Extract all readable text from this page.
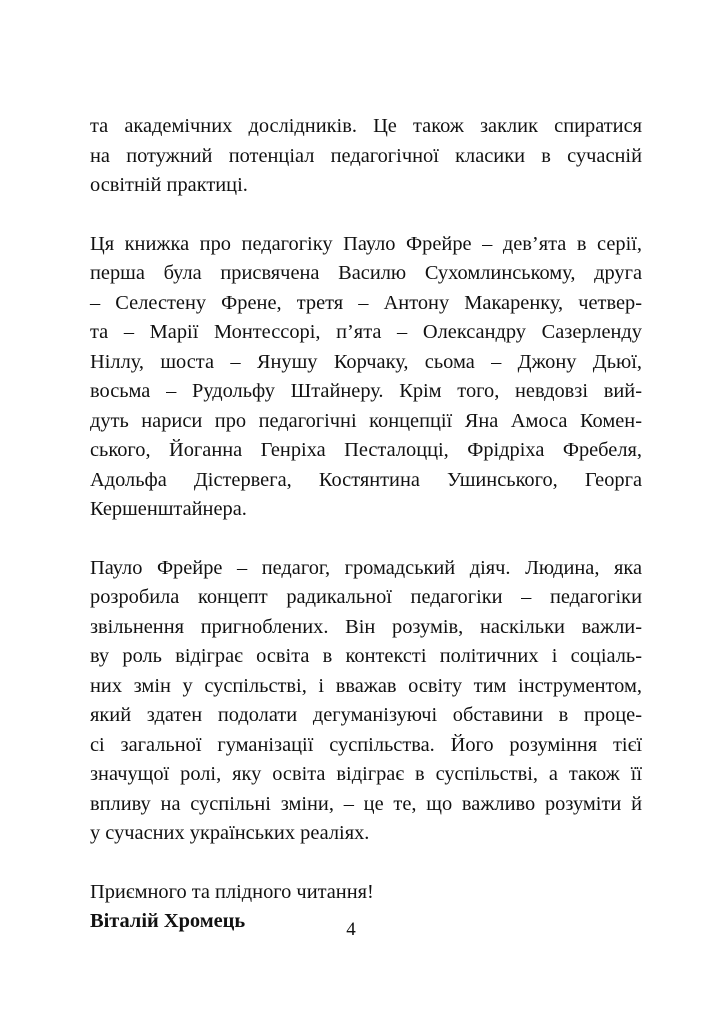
та академічних дослідників. Це також заклик спиратися
на потужний потенціал педагогічної класики в сучасній
освітній практиці.
Ця книжка про педагогіку Пауло Фрейре – дев’ята в серії,
перша була присвячена Василю Сухомлинському, друга
– Селестену Френе, третя – Антону Макаренку, четвер-
та – Марії Монтессорі, п’ята – Олександру Сазерленду
Ніллу, шоста – Янушу Корчаку, сьома – Джону Дьюї,
восьма – Рудольфу Штайнеру. Крім того, невдовзі вий-
дуть нариси про педагогічні концепції Яна Амоса Комен-
ського, Йоганна Генріха Песталоцці, Фрідріха Фребеля,
Адольфа Дістервега, Костянтина Ушинського, Георга
Кершенштайнера.
Пауло Фрейре – педагог, громадський діяч. Людина, яка
розробила концепт радикальної педагогіки – педагогіки
звільнення пригноблених. Він розумів, наскільки важли-
ву роль відіграє освіта в контексті політичних і соціаль-
них змін у суспільстві, і вважав освіту тим інструментом,
який здатен подолати дегуманізуючі обставини в проце-
сі загальної гуманізації суспільства. Його розуміння тієї
значущої ролі, яку освіта відіграє в суспільстві, а також її
впливу на суспільні зміни, – це те, що важливо розуміти й
у сучасних українських реаліях.
Приємного та плідного читання!
Віталій Хромець	4
